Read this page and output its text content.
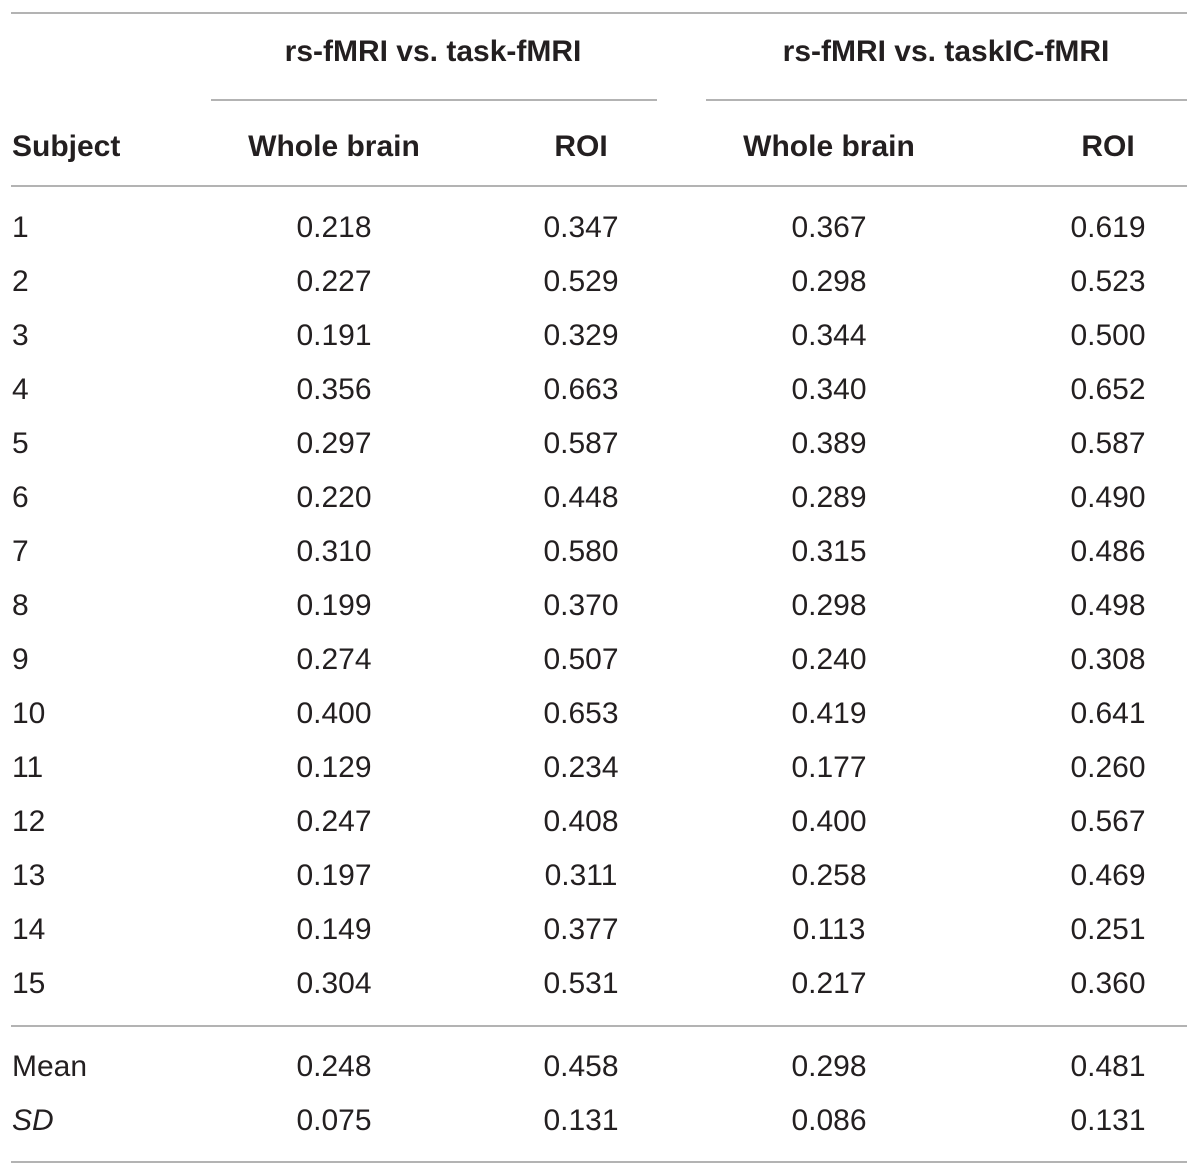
rs-fMRI vs. task-fMRI	rs-fMRI vs. taskIC-fMRI
Subject	Whole brain	ROI	Whole brain	ROI
1	0.218	0.347	0.367	0.619
2	0.227	0.529	0.298	0.523
3	0.191	0.329	0.344	0.500
4	0.356	0.663	0.340	0.652
5	0.297	0.587	0.389	0.587
6	0.220	0.448	0.289	0.490
7	0.310	0.580	0.315	0.486
8	0.199	0.370	0.298	0.498
9	0.274	0.507	0.240	0.308
10	0.400	0.653	0.419	0.641
11	0.129	0.234	0.177	0.260
12	0.247	0.408	0.400	0.567
13	0.197	0.311	0.258	0.469
14	0.149	0.377	0.113	0.251
15	0.304	0.531	0.217	0.360
Mean	0.248	0.458	0.298	0.481
SD	0.075	0.131	0.086	0.131
